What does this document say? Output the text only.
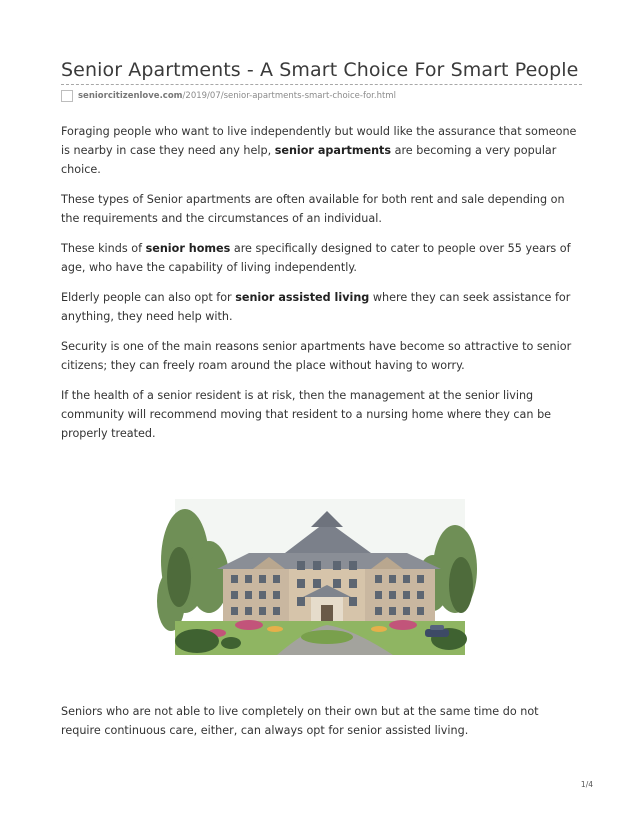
Senior Apartments - A Smart Choice For Smart People
seniorcitizenlove.com /2019/07/senior-apartments-smart-choice-for.html

Foraging people who want to live independently but would like the assurance that someone is nearby in case they need any help, senior apartments are becoming a very popular choice.

These types of Senior apartments are often available for both rent and sale depending on the requirements and the circumstances of an individual.

These kinds of senior homes are specifically designed to cater to people over 55 years of age, who have the capability of living independently.

Elderly people can also opt for senior assisted living where they can seek assistance for anything, they need help with.

Security is one of the main reasons senior apartments have become so attractive to senior citizens; they can freely roam around the place without having to worry.

If the health of a senior resident is at risk, then the management at the senior living community will recommend moving that resident to a nursing home where they can be properly treated.

Seniors who are not able to live completely on their own but at the same time do not require continuous care, either, can always opt for senior assisted living.

1/4
